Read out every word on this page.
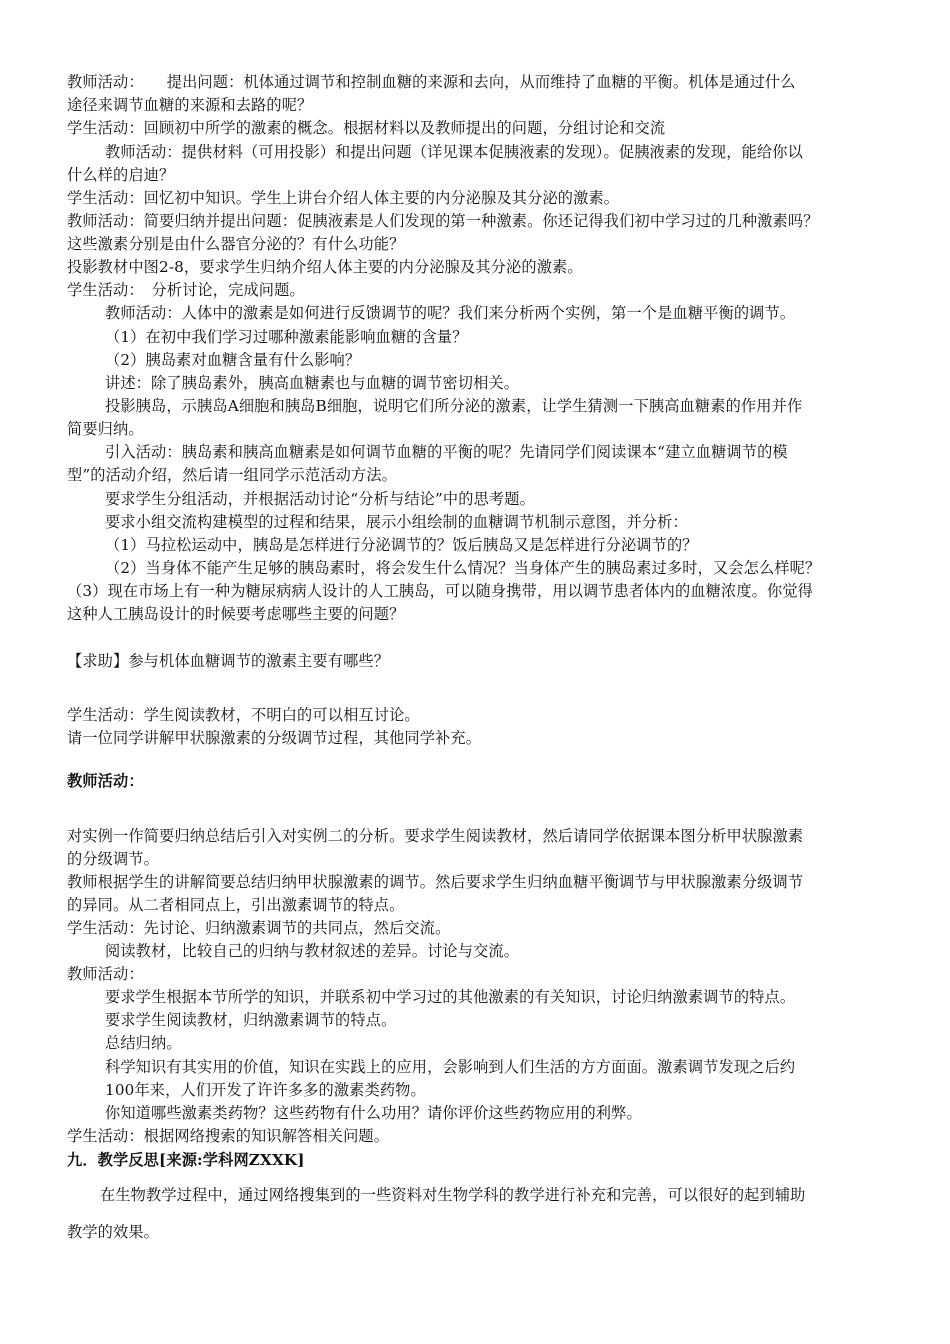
教师活动：　　提出问题：机体通过调节和控制血糖的来源和去向，从而维持了血糖的平衡。机体是通过什么
途径来调节血糖的来源和去路的呢？
学生活动：回顾初中所学的激素的概念。根据材料以及教师提出的问题，分组讨论和交流
教师活动：提供材料（可用投影）和提出问题（详见课本促胰液素的发现）。促胰液素的发现，能给你以
什么样的启迪？
学生活动：回忆初中知识。学生上讲台介绍人体主要的内分泌腺及其分泌的激素。
教师活动：简要归纳并提出问题：促胰液素是人们发现的第一种激素。你还记得我们初中学习过的几种激素吗？
这些激素分别是由什么器官分泌的？有什么功能？
投影教材中图2-8，要求学生归纳介绍人体主要的内分泌腺及其分泌的激素。
学生活动：　分析讨论，完成问题。
教师活动：人体中的激素是如何进行反馈调节的呢？我们来分析两个实例，第一个是血糖平衡的调节。
（1）在初中我们学习过哪种激素能影响血糖的含量？
（2）胰岛素对血糖含量有什么影响？
讲述：除了胰岛素外，胰高血糖素也与血糖的调节密切相关。
投影胰岛，示胰岛A细胞和胰岛B细胞，说明它们所分泌的激素，让学生猜测一下胰高血糖素的作用并作
简要归纳。
引入活动：胰岛素和胰高血糖素是如何调节血糖的平衡的呢？先请同学们阅读课本“建立血糖调节的模
型”的活动介绍，然后请一组同学示范活动方法。
要求学生分组活动，并根据活动讨论“分析与结论”中的思考题。
要求小组交流构建模型的过程和结果，展示小组绘制的血糖调节机制示意图，并分析：
（1）马拉松运动中，胰岛是怎样进行分泌调节的？饭后胰岛又是怎样进行分泌调节的？
（2）当身体不能产生足够的胰岛素时，将会发生什么情况？当身体产生的胰岛素过多时，又会怎么样呢？
（3）现在市场上有一种为糖尿病病人设计的人工胰岛，可以随身携带，用以调节患者体内的血糖浓度。你觉得
这种人工胰岛设计的时候要考虑哪些主要的问题？
【求助】参与机体血糖调节的激素主要有哪些？
学生活动：学生阅读教材，不明白的可以相互讨论。
请一位同学讲解甲状腺激素的分级调节过程，其他同学补充。
教师活动：
对实例一作简要归纳总结后引入对实例二的分析。要求学生阅读教材，然后请同学依据课本图分析甲状腺激素
的分级调节。
教师根据学生的讲解简要总结归纳甲状腺激素的调节。然后要求学生归纳血糖平衡调节与甲状腺激素分级调节
的异同。从二者相同点上，引出激素调节的特点。
学生活动：先讨论、归纳激素调节的共同点，然后交流。
阅读教材，比较自己的归纳与教材叙述的差异。讨论与交流。
教师活动：
要求学生根据本节所学的知识，并联系初中学习过的其他激素的有关知识，讨论归纳激素调节的特点。
要求学生阅读教材，归纳激素调节的特点。
总结归纳。
科学知识有其实用的价值，知识在实践上的应用，会影响到人们生活的方方面面。激素调节发现之后约
100年来，人们开发了许许多多的激素类药物。
你知道哪些激素类药物？这些药物有什么功用？请你评价这些药物应用的利弊。
学生活动：根据网络搜索的知识解答相关问题。
九．教学反思[来源:学科网ZXXK]
在生物教学过程中，通过网络搜集到的一些资料对生物学科的教学进行补充和完善，可以很好的起到辅助
教学的效果。
